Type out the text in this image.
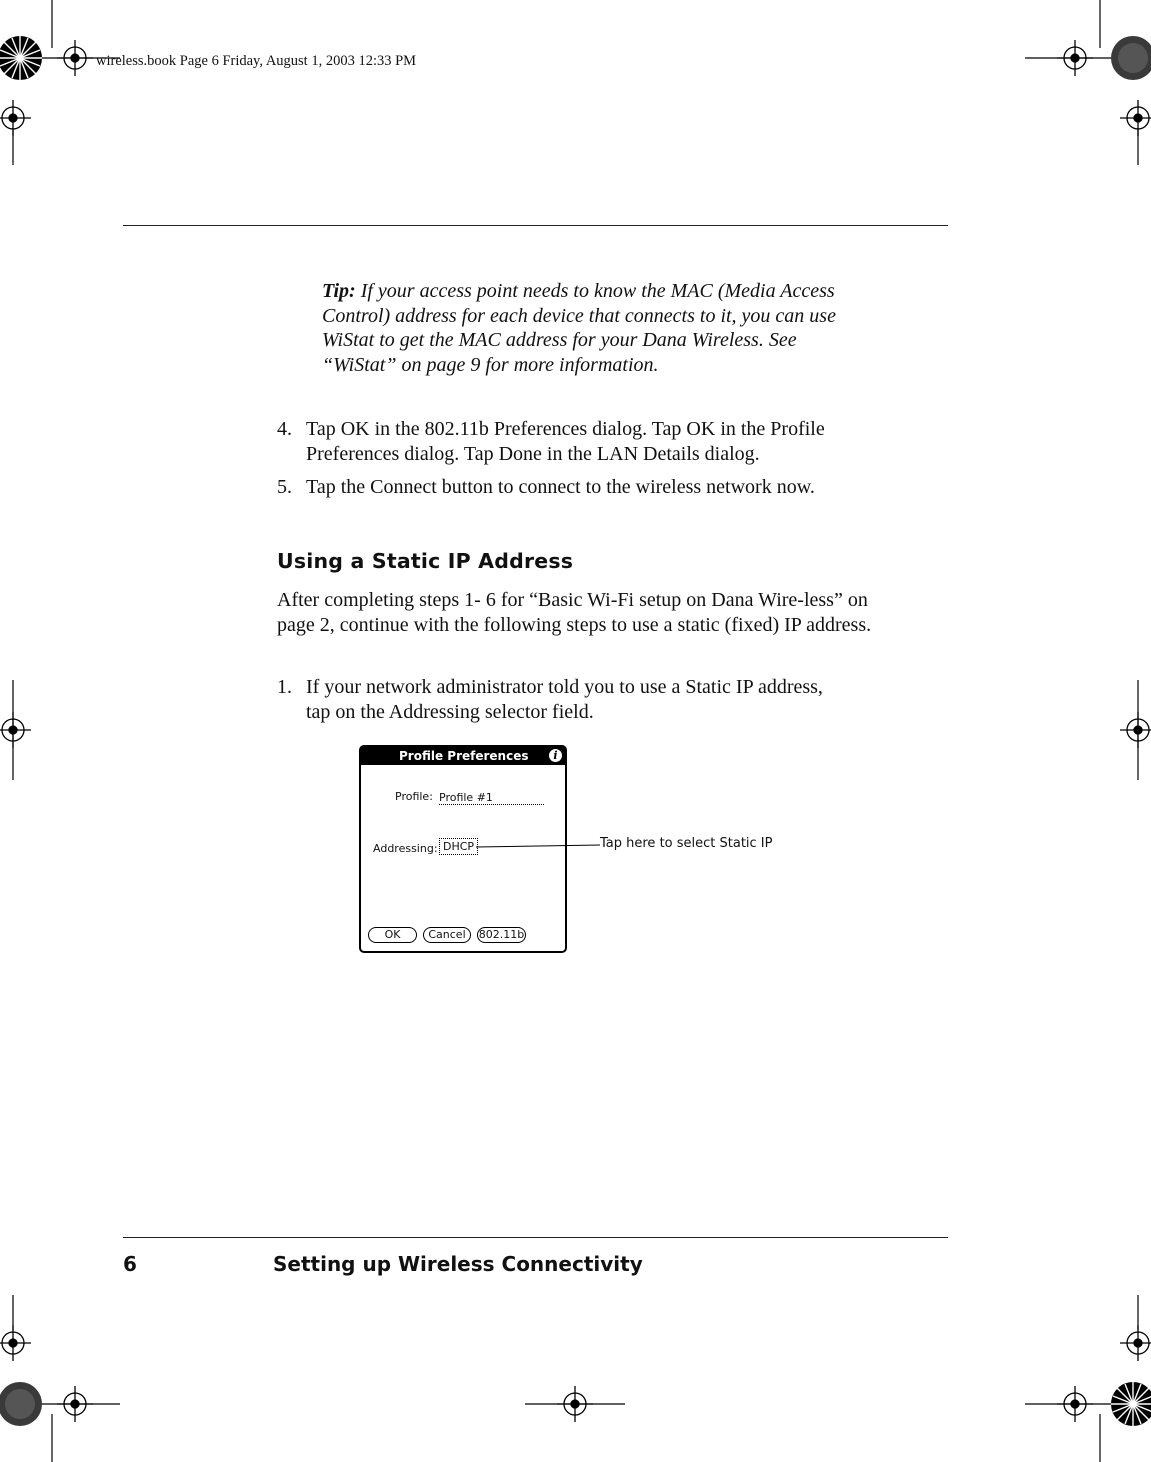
wireless.book Page 6 Friday, August 1, 2003 12:33 PM
Tip: If your access point needs to know the MAC (Media Access Control) address for each device that connects to it, you can use WiStat to get the MAC address for your Dana Wireless. See “WiStat” on page 9 for more information.
4. Tap OK in the 802.11b Preferences dialog. Tap OK in the Profile Preferences dialog. Tap Done in the LAN Details dialog.
5. Tap the Connect button to connect to the wireless network now.
Using a Static IP Address
After completing steps 1- 6 for “Basic Wi-Fi setup on Dana Wire-less” on page 2, continue with the following steps to use a static (fixed) IP address.
1. If your network administrator told you to use a Static IP address, tap on the Addressing selector field.
Profile Preferences	i
Profile: Profile #1
Addressing: DHCP
OK	Cancel	802.11b
Tap here to select Static IP
6	Setting up Wireless Connectivity
